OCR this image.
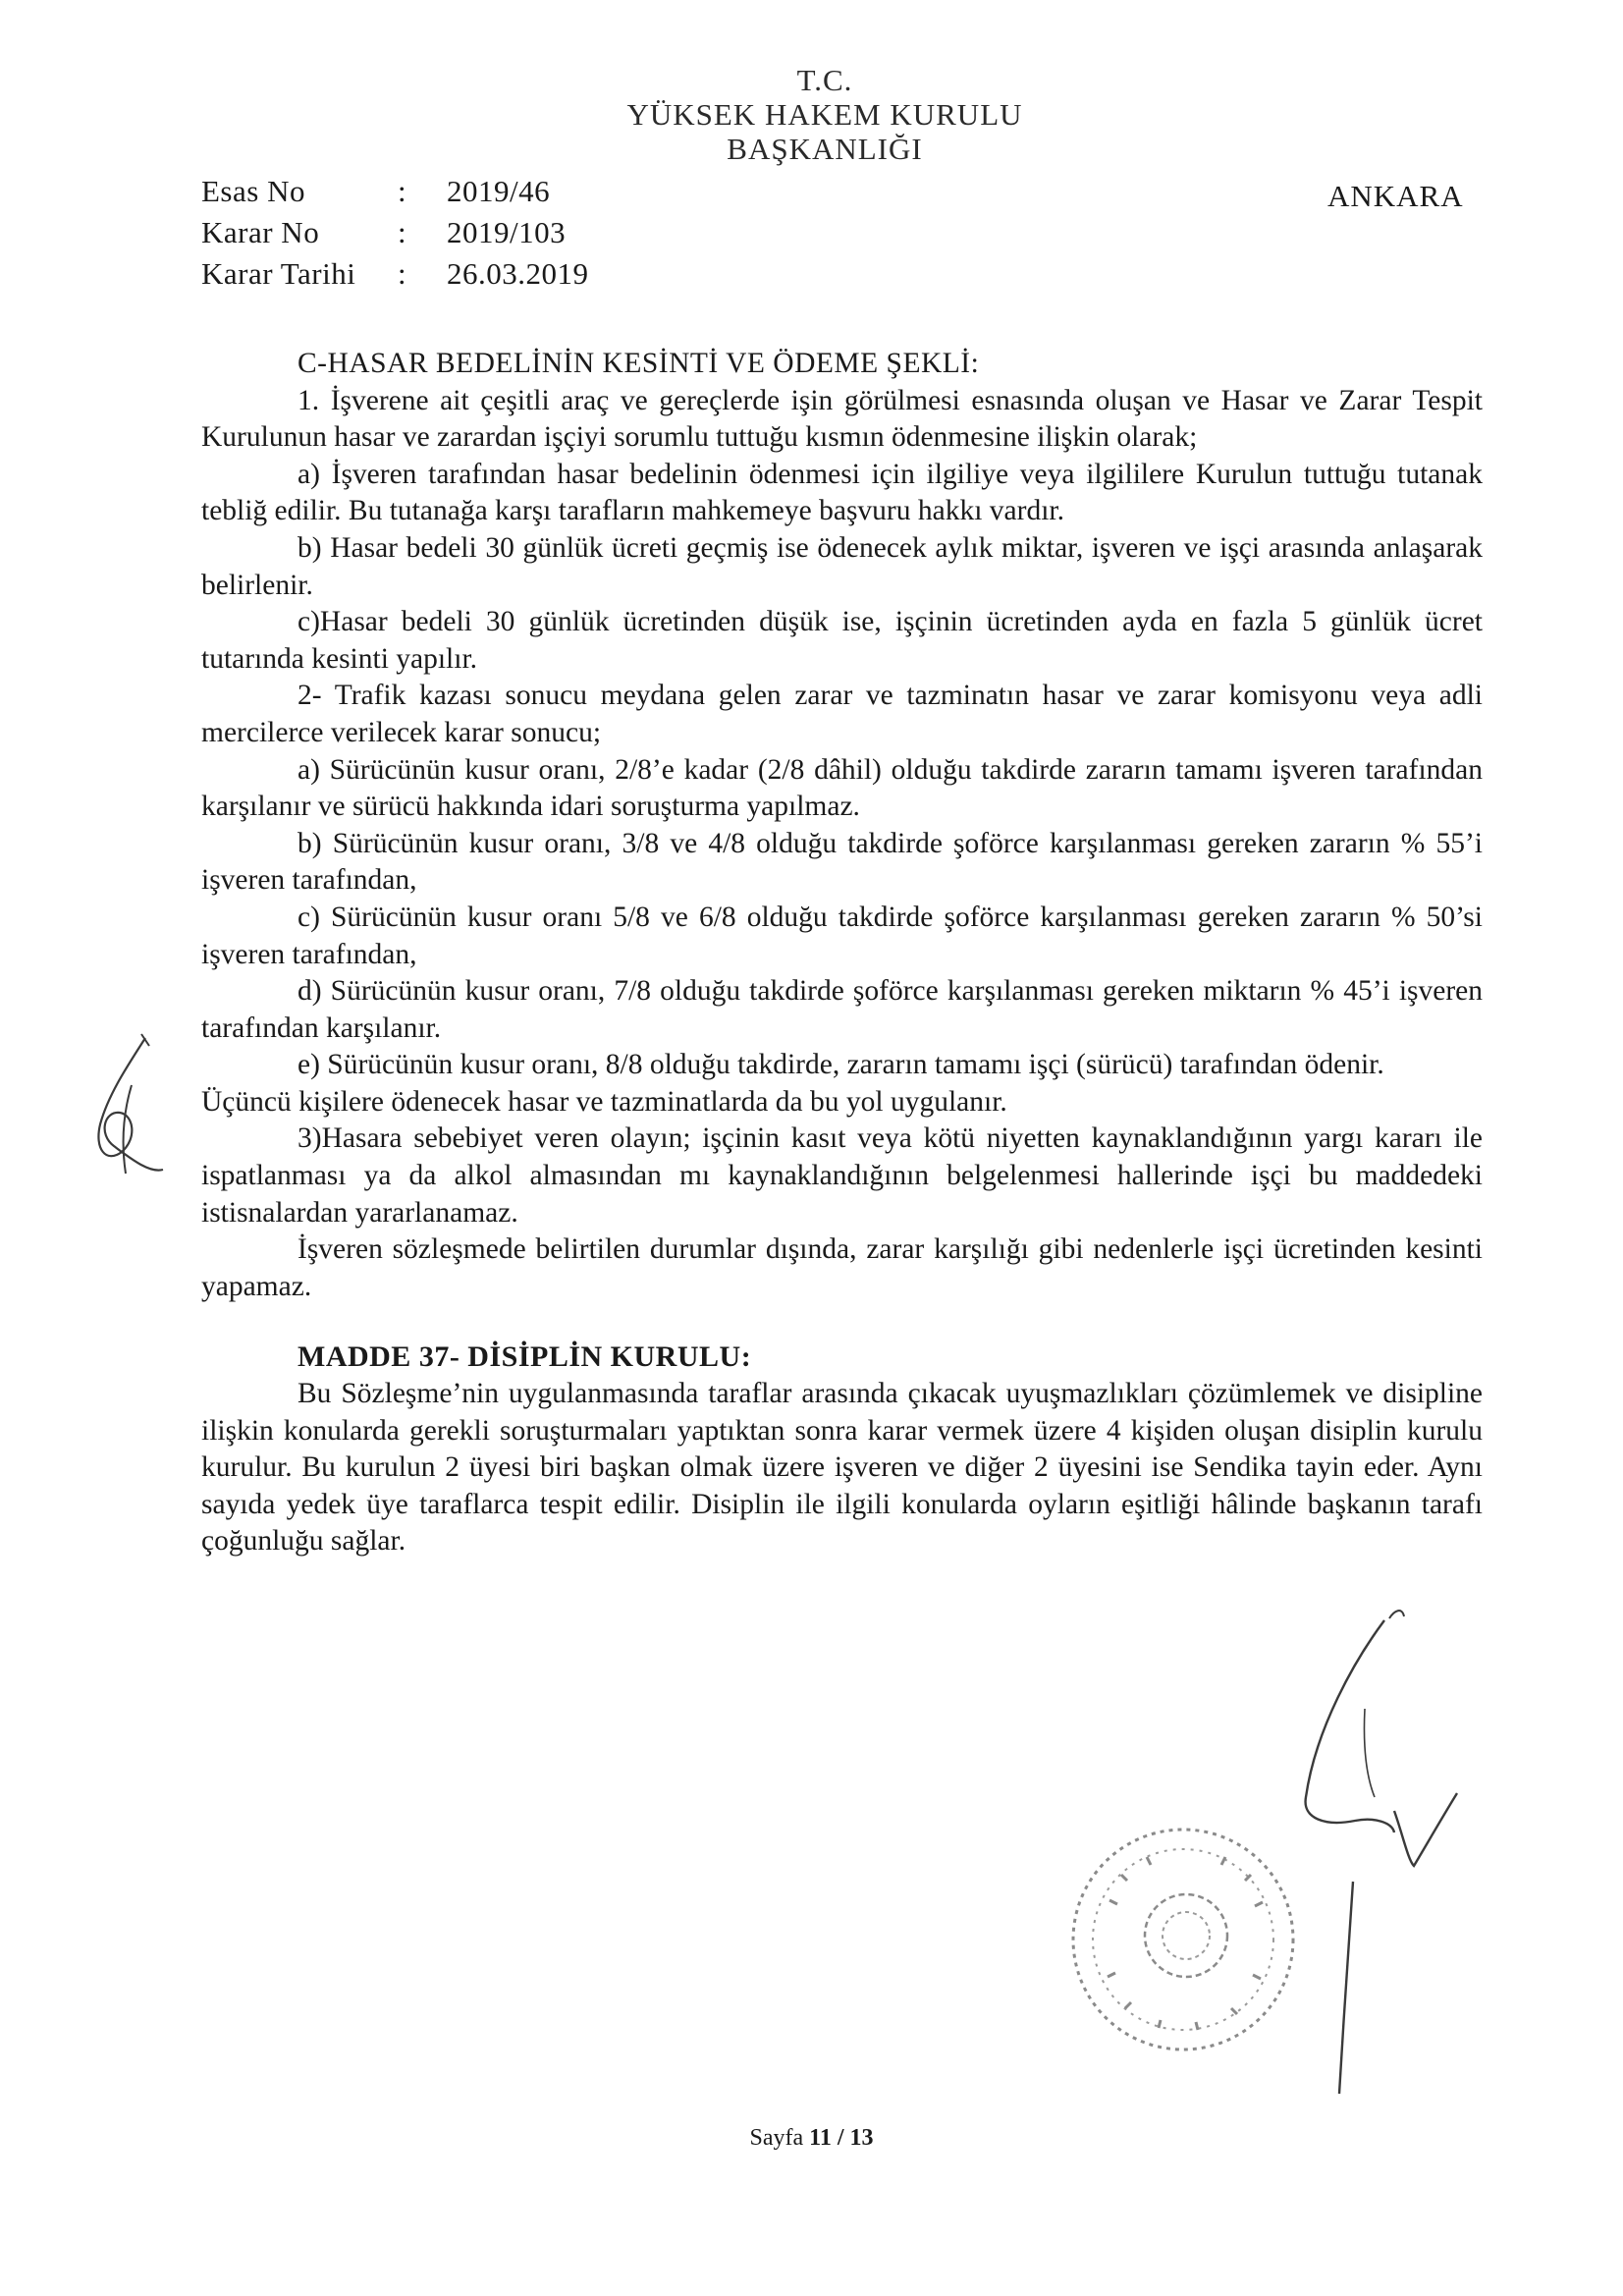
T.C.
YÜKSEK HAKEM KURULU
BAŞKANLIĞI
Esas No	:	2019/46
Karar No	:	2019/103
Karar Tarihi	:	26.03.2019
ANKARA

C-HASAR BEDELİNİN KESİNTİ VE ÖDEME ŞEKLİ:

1. İşverene ait çeşitli araç ve gereçlerde işin görülmesi esnasında oluşan ve Hasar ve Zarar Tespit Kurulunun hasar ve zarardan işçiyi sorumlu tuttuğu kısmın ödenmesine ilişkin olarak;

a) İşveren tarafından hasar bedelinin ödenmesi için ilgiliye veya ilgililere Kurulun tuttuğu tutanak tebliğ edilir. Bu tutanağa karşı tarafların mahkemeye başvuru hakkı vardır.

b) Hasar bedeli 30 günlük ücreti geçmiş ise ödenecek aylık miktar, işveren ve işçi arasında anlaşarak belirlenir.

c)Hasar bedeli 30 günlük ücretinden düşük ise, işçinin ücretinden ayda en fazla 5 günlük ücret tutarında kesinti yapılır.

2- Trafik kazası sonucu meydana gelen zarar ve tazminatın hasar ve zarar komisyonu veya adli mercilerce verilecek karar sonucu;

a) Sürücünün kusur oranı, 2/8’e kadar (2/8 dâhil) olduğu takdirde zararın tamamı işveren tarafından karşılanır ve sürücü hakkında idari soruşturma yapılmaz.

b) Sürücünün kusur oranı, 3/8 ve 4/8 olduğu takdirde şoförce karşılanması gereken zararın % 55’i işveren tarafından,

c) Sürücünün kusur oranı 5/8 ve 6/8 olduğu takdirde şoförce karşılanması gereken zararın % 50’si işveren tarafından,

d) Sürücünün kusur oranı, 7/8 olduğu takdirde şoförce karşılanması gereken miktarın % 45’i işveren tarafından karşılanır.

e) Sürücünün kusur oranı, 8/8 olduğu takdirde, zararın tamamı işçi (sürücü) tarafından ödenir.

Üçüncü kişilere ödenecek hasar ve tazminatlarda da bu yol uygulanır.

3)Hasara sebebiyet veren olayın; işçinin kasıt veya kötü niyetten kaynaklandığının yargı kararı ile ispatlanması ya da alkol almasından mı kaynaklandığının belgelenmesi hallerinde işçi bu maddedeki istisnalardan yararlanamaz.

İşveren sözleşmede belirtilen durumlar dışında, zarar karşılığı gibi nedenlerle işçi ücretinden kesinti yapamaz.

MADDE 37- DİSİPLİN KURULU:

Bu Sözleşme’nin uygulanmasında taraflar arasında çıkacak uyuşmazlıkları çözümlemek ve disipline ilişkin konularda gerekli soruşturmaları yaptıktan sonra karar vermek üzere 4 kişiden oluşan disiplin kurulu kurulur. Bu kurulun 2 üyesi biri başkan olmak üzere işveren ve diğer 2 üyesini ise Sendika tayin eder. Aynı sayıda yedek üye taraflarca tespit edilir. Disiplin ile ilgili konularda oyların eşitliği hâlinde başkanın tarafı çoğunluğu sağlar.

Sayfa 11 / 13
